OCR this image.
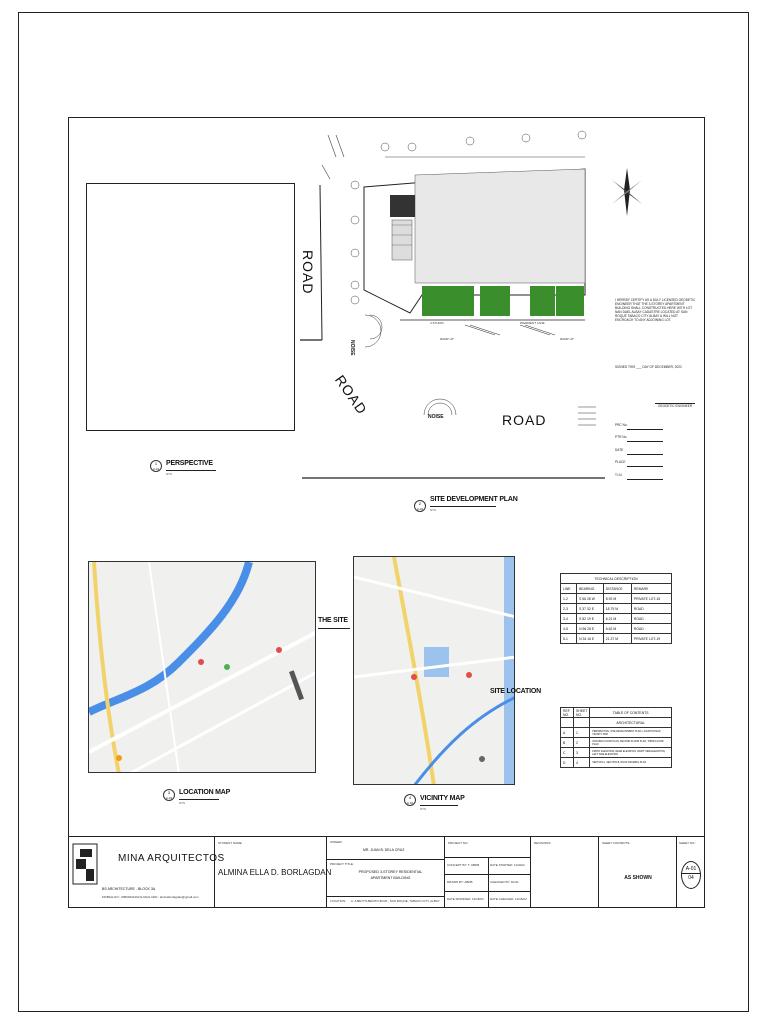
1
A-01
PERSPECTIVE
NTS
4 STUDIO	PAVEMENT LANE
RAMP UP	RAMP UP
ROAD
ROAD
ROAD
NOISE
NOISE
I HEREBY CERTIFY AS A DULY LICENSED GEODETIC ENGINEER THAT THE 3-STOREY APARTMENT BUILDING SHALL CONSTRUCTED HERE WITH LOT NAN DAEL ALBAY CADASTRE LOCATED AT SAN ROQUE TABACO CITY ALBAY & WILL NOT ENCROACH TO ANY ADJOINING LOT.
SIGNED THIS ___ DAY OF DECEMBER, 2022
GEODETIC ENGINEER
PRC No.
PTR No.
DATE
PLACE
T.I.N.
2
A-01
SITE DEVELOPMENT PLAN
NTS
THE SITE
3
A-01
LOCATION MAP
NTS
SITE LOCATION
4
A-01
VICINITY MAP
NTS
TECHNICAL DESCRIPTION			
LINE	BEARING	DISTANCE	REMARK
1-2	S 56 28 W	8.92 M	PRIVATE LOT-15
2-3	S 37 32 E	18.79 M	ROAD
3-4	S 82 19 E	6.21 M	ROAD
4-5	N 56 28 E	6.62 M	ROAD
5-1	N 34 16 E	21.37 M	PRIVATE LOT-19
REF NO.	SHEET NO.	TABLE OF CONTENTS
		ARCHITECTURAL
A	1	PERSPECTIVE, SITE DEVELOPMENT PLAN, LOCATION MAP, VICINITY MAP
B	2	GROUND FLOOR PLAN, SECOND FLOOR PLAN, THIRD FLOOR PLAN
C	3	FRONT ELEVATION, REAR ELEVATION, RIGHT SIDE ELEVATION, LEFT SIDE ELEVATION
D	4	SECTION A, SECTION B, ROOF FRAMING PLAN
MINA ARQUITECTOS
BS ARCHITECTURE - BLOCK 3A
MOBILE NO.: 09569431202 E-MAIL ADD.: alminaborlagdan@gmail.com
STUDENT NAME:
ALMINA ELLA D. BORLAGDAN
OWNER:
MR. JUAN B. DELA CRUZ
PROJECT TITLE:
PROPOSED 3-STOREY RESIDENTIAL APARTMENT BUILDING
LOCATION: A. A BETTS BENITO BLVD., SAN ROQUE, TABACO CITY, ALBAY
PROJECT NO.:
CONCEPT BY: T. ABDB	DATE STARTED: 11/2022
DRAWN BY: ABDB	CHECKED BY: DCZL
DATE MODIFIED: 12/18/22 DATE CHECKED: 12/18/22
REVISIONS:	SHEET CONTENTS:
AS SHOWN
SHEET NO.:
A-01
04
